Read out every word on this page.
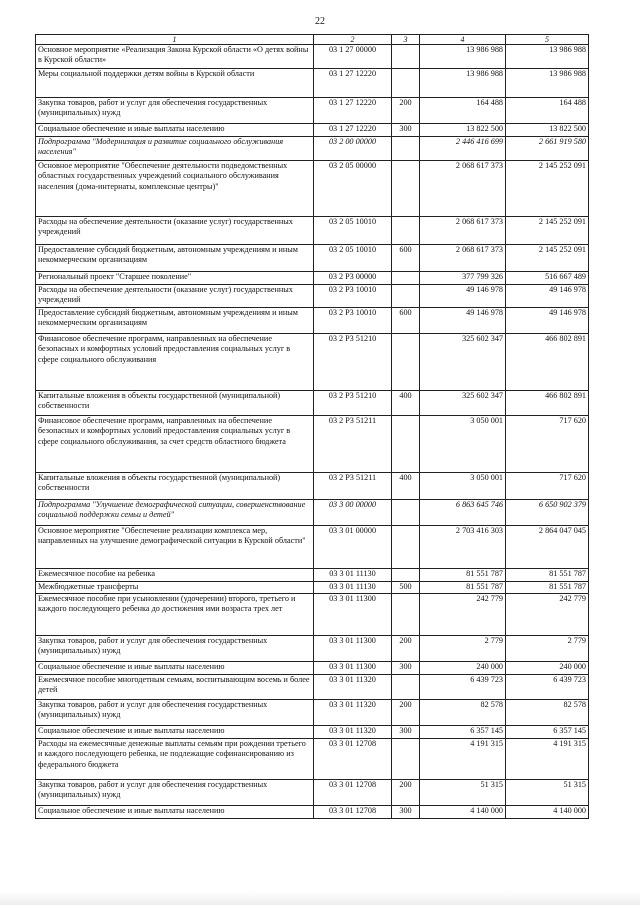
22
1	2	3	4	5
Основное мероприятие «Реализация Закона Курской области «О детях войны в Курской области»	03 1 27 00000		13 986 988	13 986 988
Меры социальной поддержки детям войны в Курской области	03 1 27 12220		13 986 988	13 986 988
Закупка товаров, работ и услуг для обеспечения государственных (муниципальных) нужд	03 1 27 12220	200	164 488	164 488
Социальное обеспечение и иные выплаты населению	03 1 27 12220	300	13 822 500	13 822 500
Подпрограмма "Модернизация и развитие социального обслуживания населения"	03 2 00 00000		2 446 416 699	2 661 919 580
Основное мероприятие "Обеспечение деятельности подведомственных областных государственных учреждений социального обслуживания населения (дома-интернаты, комплексные центры)"	03 2 05 00000		2 068 617 373	2 145 252 091
Расходы на обеспечение деятельности (оказание услуг) государственных учреждений	03 2 05 10010		2 068 617 373	2 145 252 091
Предоставление субсидий бюджетным, автономным учреждениям и иным некоммерческим организациям	03 2 05 10010	600	2 068 617 373	2 145 252 091
Региональный проект "Старшее поколение"	03 2 Р3 00000		377 799 326	516 667 489
Расходы на обеспечение деятельности (оказание услуг) государственных учреждений	03 2 Р3 10010		49 146 978	49 146 978
Предоставление субсидий бюджетным, автономным учреждениям и иным некоммерческим организациям	03 2 Р3 10010	600	49 146 978	49 146 978
Финансовое обеспечение программ, направленных на обеспечение безопасных и комфортных условий предоставления социальных услуг в сфере социального обслуживания	03 2 Р3 51210		325 602 347	466 802 891
Капитальные вложения в объекты государственной (муниципальной) собственности	03 2 Р3 51210	400	325 602 347	466 802 891
Финансовое обеспечение программ, направленных на обеспечение безопасных и комфортных условий предоставления социальных услуг в сфере социального обслуживания, за счет средств областного бюджета	03 2 Р3 51211		3 050 001	717 620
Капитальные вложения в объекты государственной (муниципальной) собственности	03 2 Р3 51211	400	3 050 001	717 620
Подпрограмма "Улучшение демографической ситуации, совершенствование социальной поддержки семьи и детей"	03 3 00 00000		6 863 645 746	6 650 902 379
Основное мероприятие "Обеспечение реализации комплекса мер, направленных на улучшение демографической ситуации в Курской области"	03 3 01 00000		2 703 416 303	2 864 047 045
Ежемесячное пособие на ребенка	03 3 01 11130		81 551 787	81 551 787
Межбюджетные трансферты	03 3 01 11130	500	81 551 787	81 551 787
Ежемесячное пособие при усыновлении (удочерении) второго, третьего и каждого последующего ребенка до достижения ими возраста трех лет	03 3 01 11300		242 779	242 779
Закупка товаров, работ и услуг для обеспечения государственных (муниципальных) нужд	03 3 01 11300	200	2 779	2 779
Социальное обеспечение и иные выплаты населению	03 3 01 11300	300	240 000	240 000
Ежемесячное пособие многодетным семьям, воспитывающим восемь и более детей	03 3 01 11320		6 439 723	6 439 723
Закупка товаров, работ и услуг для обеспечения государственных (муниципальных) нужд	03 3 01 11320	200	82 578	82 578
Социальное обеспечение и иные выплаты населению	03 3 01 11320	300	6 357 145	6 357 145
Расходы на ежемесячные денежные выплаты семьям при рождении третьего и каждого последующего ребенка, не подлежащие софинансированию из федерального бюджета	03 3 01 12708		4 191 315	4 191 315
Закупка товаров, работ и услуг для обеспечения государственных (муниципальных) нужд	03 3 01 12708	200	51 315	51 315
Социальное обеспечение и иные выплаты населению	03 3 01 12708	300	4 140 000	4 140 000
